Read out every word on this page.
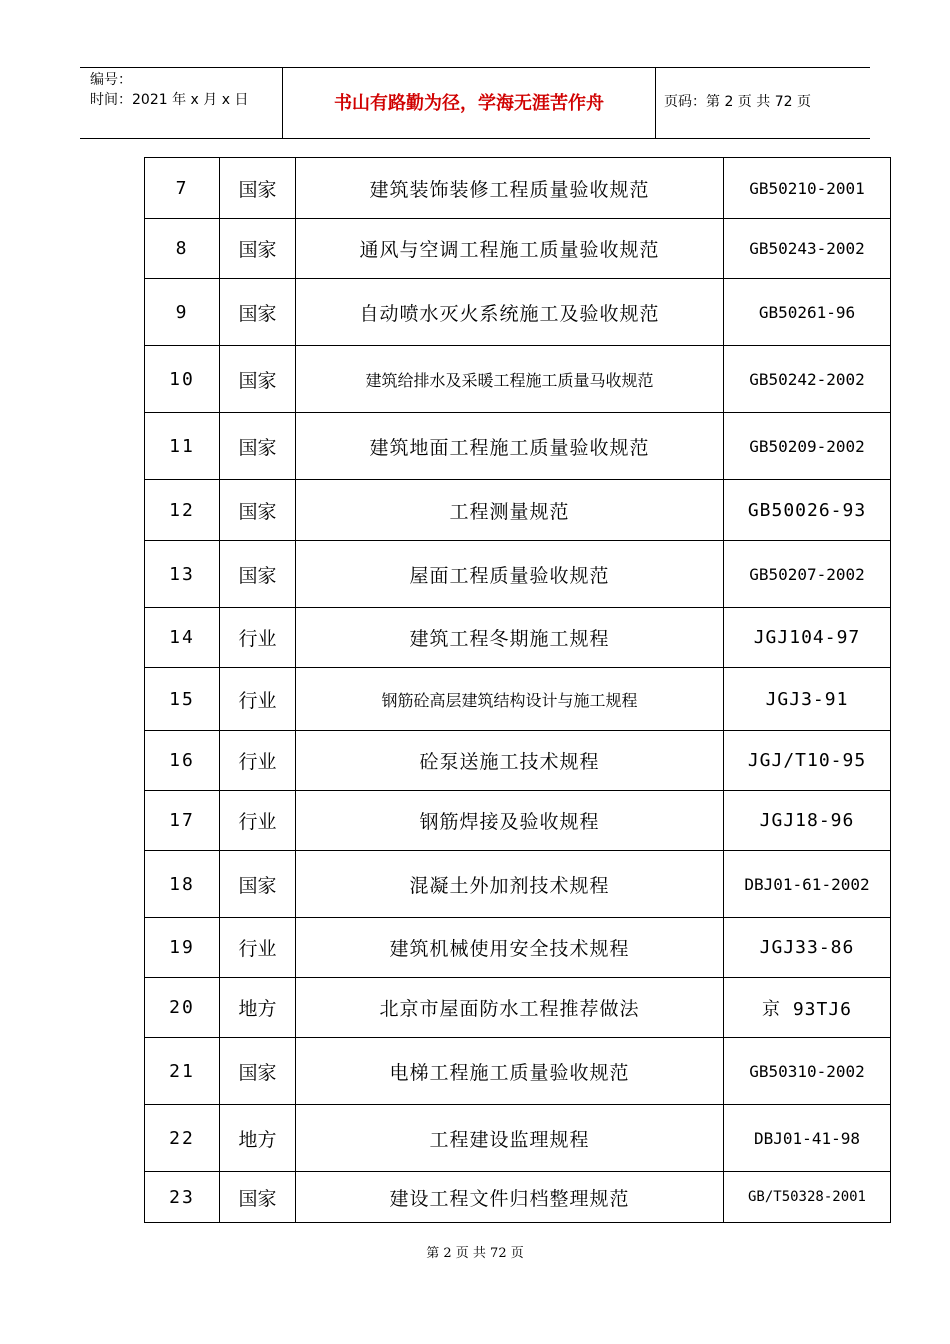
编号：
时间：2021 年 x 月 x 日	书山有路勤为径，学海无涯苦作舟	页码：第 2 页 共 72 页
7	国家	建筑装饰装修工程质量验收规范	GB50210-2001
8	国家	通风与空调工程施工质量验收规范	GB50243-2002
9	国家	自动喷水灭火系统施工及验收规范	GB50261-96
10	国家	建筑给排水及采暖工程施工质量马收规范	GB50242-2002
11	国家	建筑地面工程施工质量验收规范	GB50209-2002
12	国家	工程测量规范	GB50026-93
13	国家	屋面工程质量验收规范	GB50207-2002
14	行业	建筑工程冬期施工规程	JGJ104-97
15	行业	钢筋砼高层建筑结构设计与施工规程	JGJ3-91
16	行业	砼泵送施工技术规程	JGJ/T10-95
17	行业	钢筋焊接及验收规程	JGJ18-96
18	国家	混凝土外加剂技术规程	DBJ01-61-2002
19	行业	建筑机械使用安全技术规程	JGJ33-86
20	地方	北京市屋面防水工程推荐做法	京 93TJ6
21	国家	电梯工程施工质量验收规范	GB50310-2002
22	地方	工程建设监理规程	DBJ01-41-98
23	国家	建设工程文件归档整理规范	GB/T50328-2001
第 2 页 共 72 页
